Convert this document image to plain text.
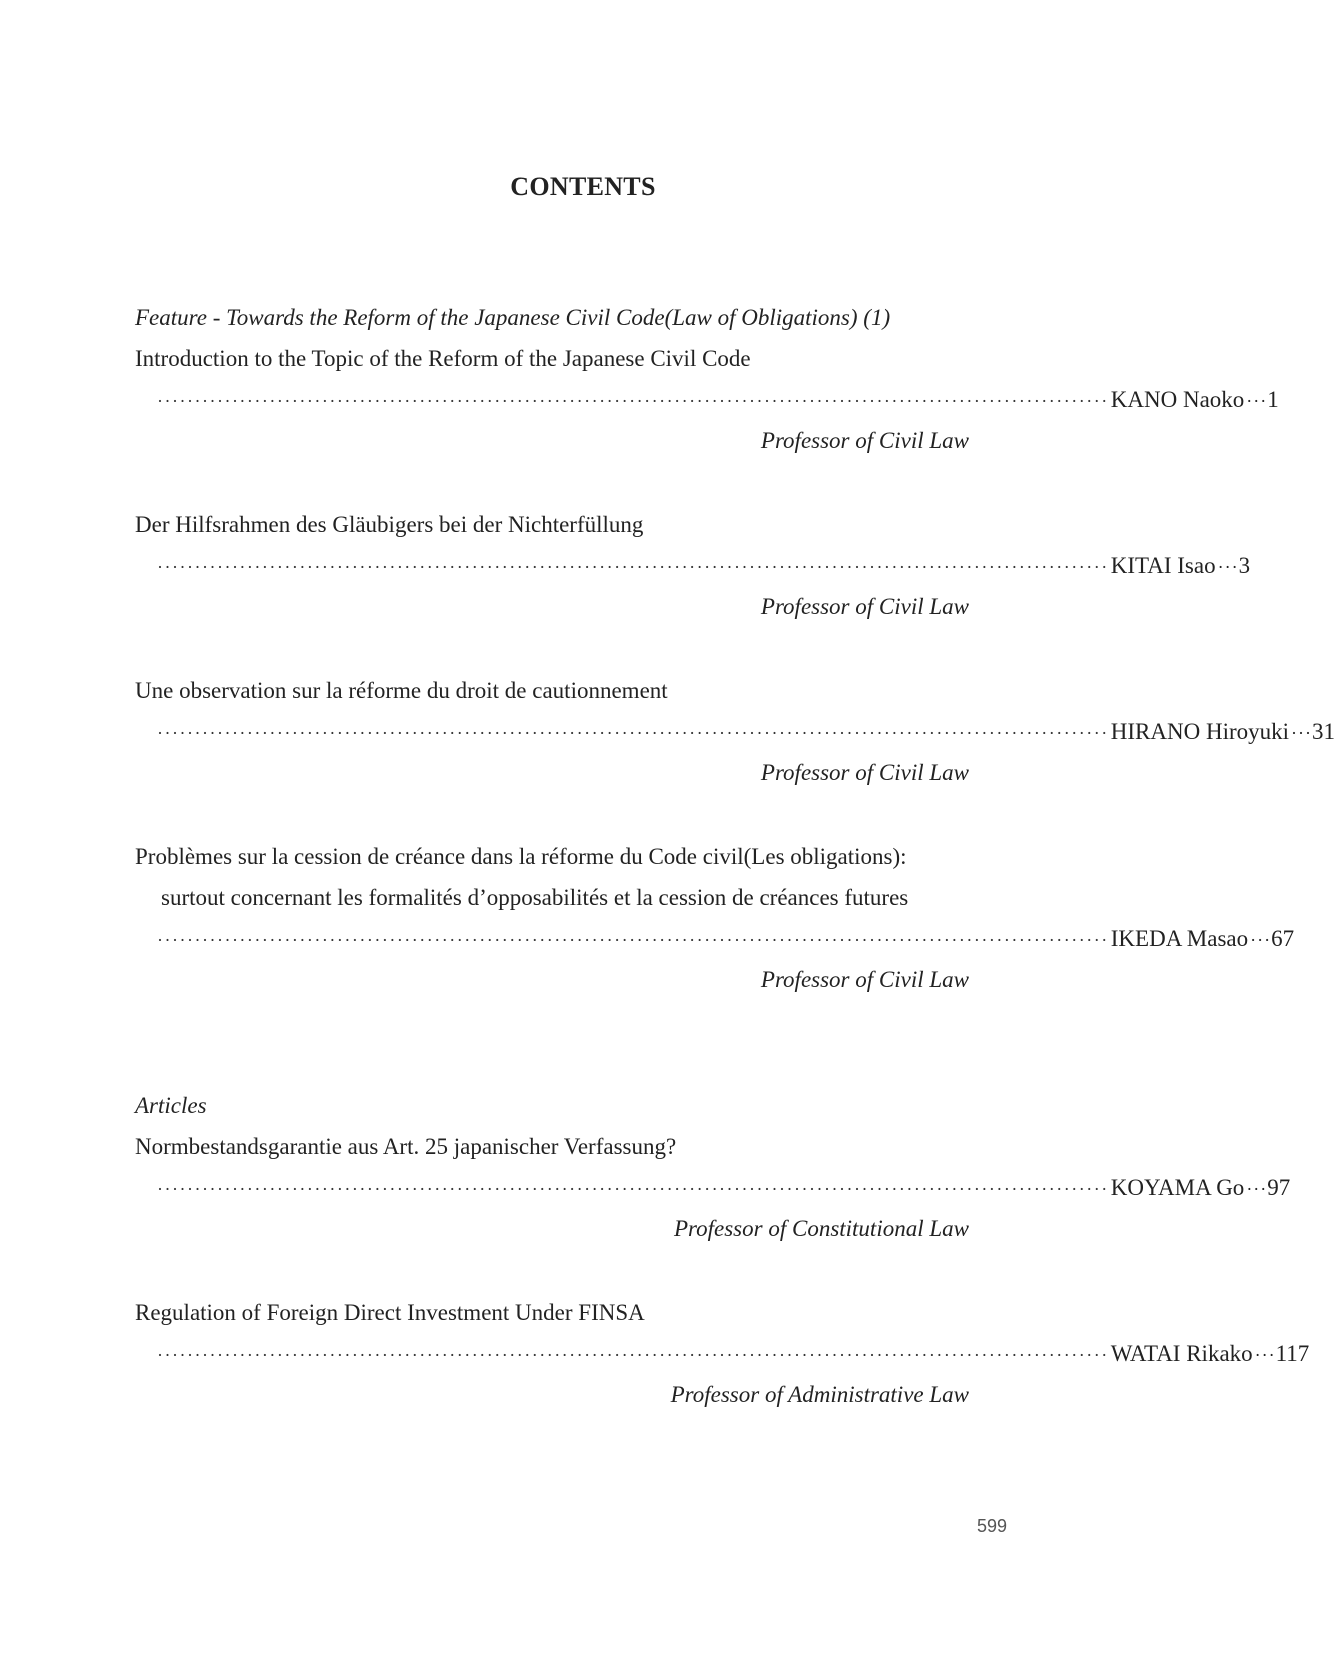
CONTENTS
Feature - Towards the Reform of the Japanese Civil Code(Law of Obligations) (1)
Introduction to the Topic of the Reform of the Japanese Civil Code
······························································································································· KANO Naoko ··· 1
Professor of Civil Law
Der Hilfsrahmen des Gläubigers bei der Nichterfüllung
······························································································································· KITAI Isao ··· 3
Professor of Civil Law
Une observation sur la réforme du droit de cautionnement
······························································································································· HIRANO Hiroyuki ··· 31
Professor of Civil Law
Problèmes sur la cession de créance dans la réforme du Code civil(Les obligations):
surtout concernant les formalités d’opposabilités et la cession de créances futures
······························································································································· IKEDA Masao ··· 67
Professor of Civil Law
Articles
Normbestandsgarantie aus Art. 25 japanischer Verfassung?
······························································································································· KOYAMA Go ··· 97
Professor of Constitutional Law
Regulation of Foreign Direct Investment Under FINSA
······························································································································· WATAI Rikako ··· 117
Professor of Administrative Law
599
